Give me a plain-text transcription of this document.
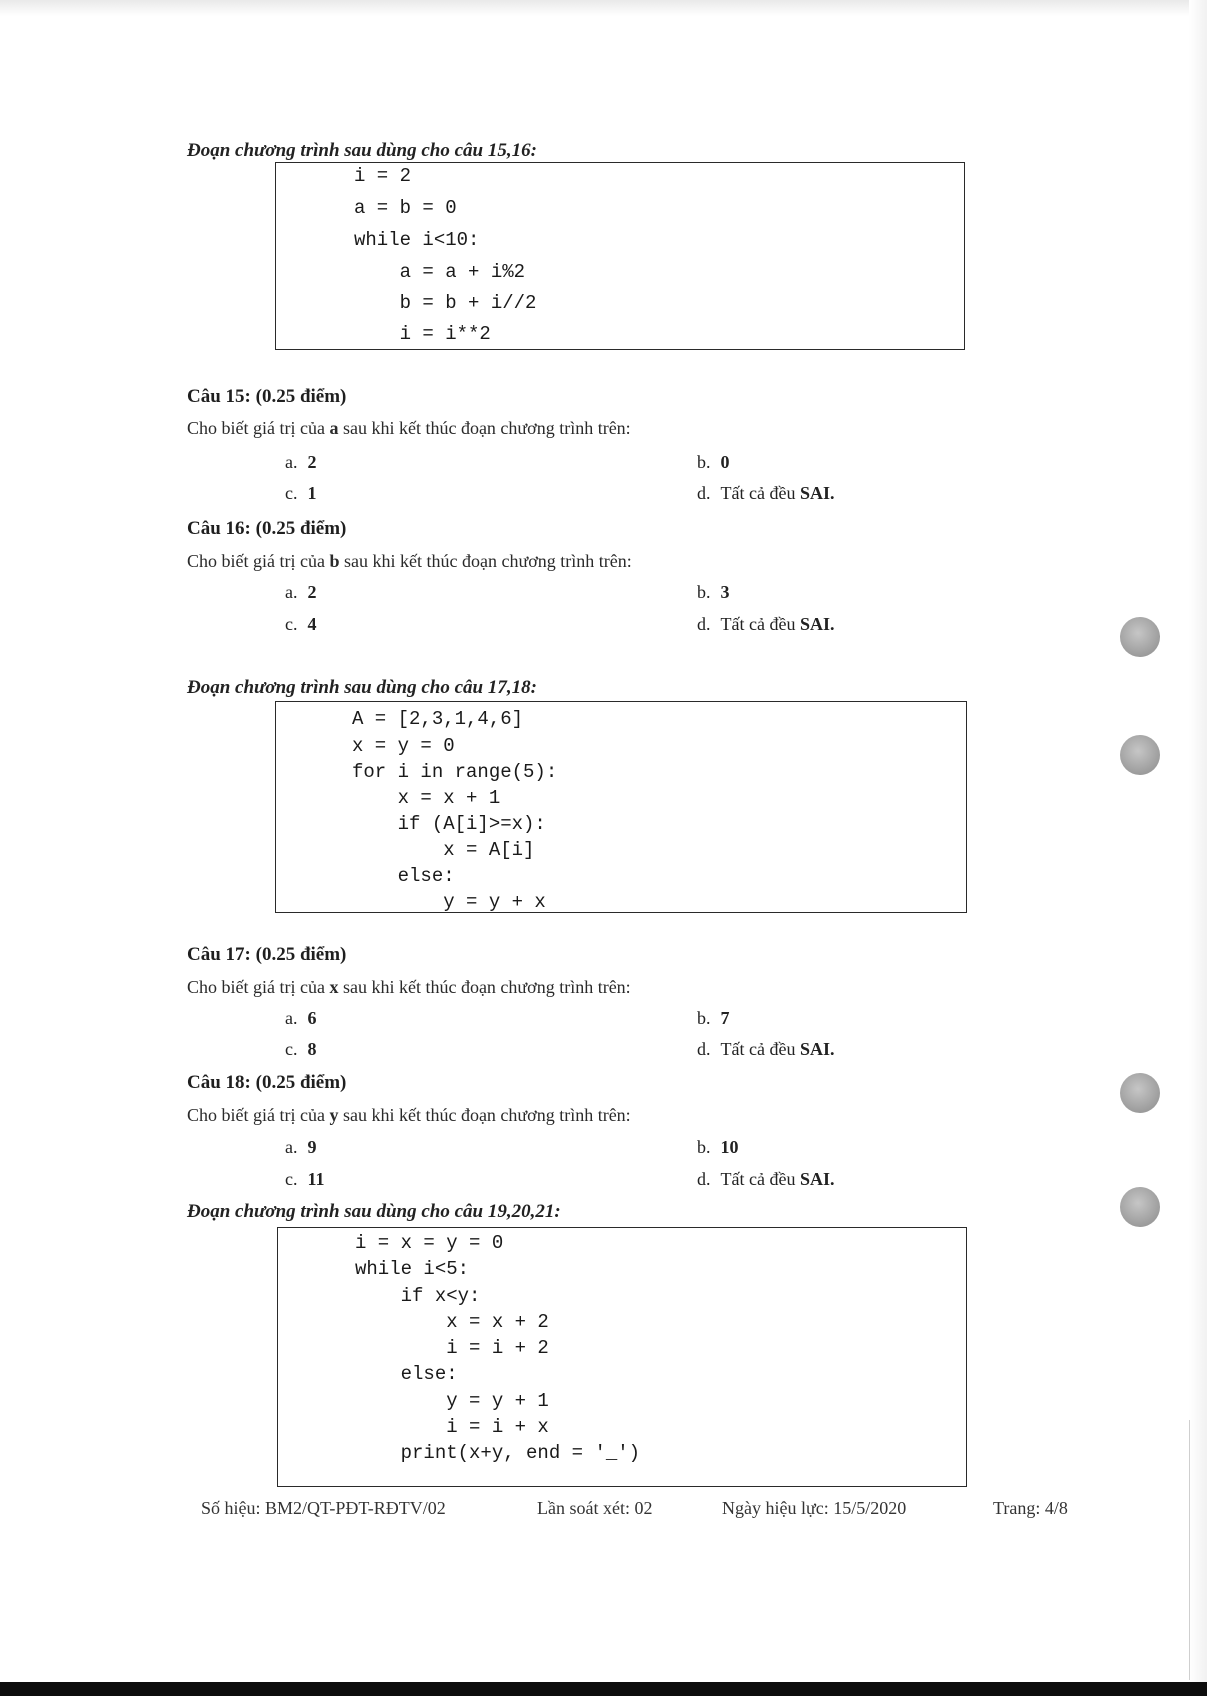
Đoạn chương trình sau dùng cho câu 15,16:
i = 2
a = b = 0
while i<10:
a = a + i%2
b = b + i//2
i = i**2
Câu 15: (0.25 điểm)
Cho biết giá trị của a sau khi kết thúc đoạn chương trình trên:
a. 2	b. 0
c. 1	d. Tất cả đều SAI.
Câu 16: (0.25 điểm)
Cho biết giá trị của b sau khi kết thúc đoạn chương trình trên:
a. 2	b. 3
c. 4	d. Tất cả đều SAI.
Đoạn chương trình sau dùng cho câu 17,18:
A = [2,3,1,4,6]
x = y = 0
for i in range(5):
x = x + 1
if (A[i]>=x):
x = A[i]
else:
y = y + x
Câu 17: (0.25 điểm)
Cho biết giá trị của x sau khi kết thúc đoạn chương trình trên:
a. 6	b. 7
c. 8	d. Tất cả đều SAI.
Câu 18: (0.25 điểm)
Cho biết giá trị của y sau khi kết thúc đoạn chương trình trên:
a. 9	b. 10
c. 11	d. Tất cả đều SAI.
Đoạn chương trình sau dùng cho câu 19,20,21:
i = x = y = 0
while i<5:
if x<y:
x = x + 2
i = i + 2
else:
y = y + 1
i = i + x
print(x+y, end = '_')
Số hiệu: BM2/QT-PĐT-RĐTV/02	Lần soát xét: 02	Ngày hiệu lực: 15/5/2020	Trang: 4/8
